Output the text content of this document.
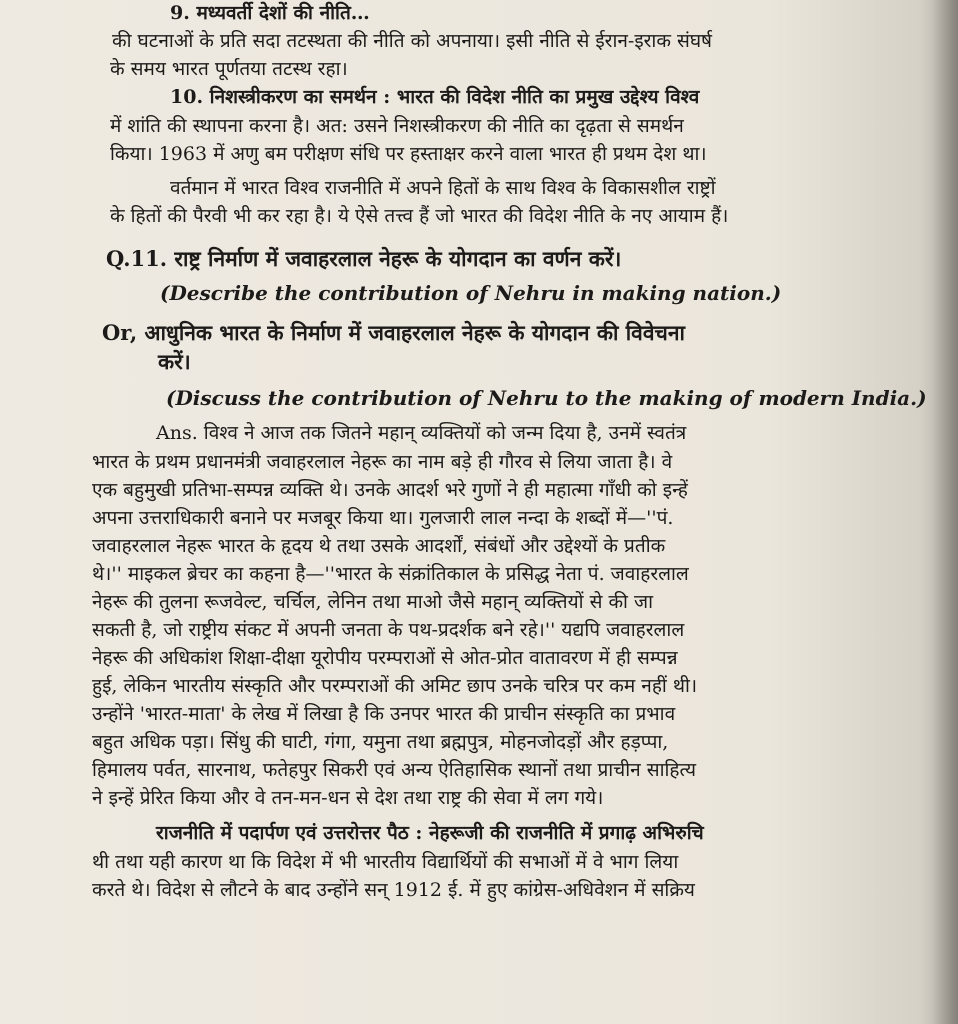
9. मध्यवर्ती देशों की नीति…
की घटनाओं के प्रति सदा तटस्थता की नीति को अपनाया। इसी नीति से ईरान-इराक संघर्ष
के समय भारत पूर्णतया तटस्थ रहा।
10. निशस्त्रीकरण का समर्थन : भारत की विदेश नीति का प्रमुख उद्देश्य विश्व
में शांति की स्थापना करना है। अत: उसने निशस्त्रीकरण की नीति का दृढ़ता से समर्थन
किया। 1963 में अणु बम परीक्षण संधि पर हस्ताक्षर करने वाला भारत ही प्रथम देश था।
वर्तमान में भारत विश्व राजनीति में अपने हितों के साथ विश्व के विकासशील राष्ट्रों
के हितों की पैरवी भी कर रहा है। ये ऐसे तत्त्व हैं जो भारत की विदेश नीति के नए आयाम हैं।
Q.11. राष्ट्र निर्माण में जवाहरलाल नेहरू के योगदान का वर्णन करें।
(Describe the contribution of Nehru in making nation.)
Or, आधुनिक भारत के निर्माण में जवाहरलाल नेहरू के योगदान की विवेचना
करें।
(Discuss the contribution of Nehru to the making of modern India.)
Ans. विश्व ने आज तक जितने महान् व्यक्तियों को जन्म दिया है, उनमें स्वतंत्र
भारत के प्रथम प्रधानमंत्री जवाहरलाल नेहरू का नाम बड़े ही गौरव से लिया जाता है। वे
एक बहुमुखी प्रतिभा-सम्पन्न व्यक्ति थे। उनके आदर्श भरे गुणों ने ही महात्मा गाँधी को इन्हें
अपना उत्तराधिकारी बनाने पर मजबूर किया था। गुलजारी लाल नन्दा के शब्दों में—''पं.
जवाहरलाल नेहरू भारत के हृदय थे तथा उसके आदर्शों, संबंधों और उद्देश्यों के प्रतीक
थे।'' माइकल ब्रेचर का कहना है—''भारत के संक्रांतिकाल के प्रसिद्ध नेता पं. जवाहरलाल
नेहरू की तुलना रूजवेल्ट, चर्चिल, लेनिन तथा माओ जैसे महान् व्यक्तियों से की जा
सकती है, जो राष्ट्रीय संकट में अपनी जनता के पथ-प्रदर्शक बने रहे।'' यद्यपि जवाहरलाल
नेहरू की अधिकांश शिक्षा-दीक्षा यूरोपीय परम्पराओं से ओत-प्रोत वातावरण में ही सम्पन्न
हुई, लेकिन भारतीय संस्कृति और परम्पराओं की अमिट छाप उनके चरित्र पर कम नहीं थी।
उन्होंने 'भारत-माता' के लेख में लिखा है कि उनपर भारत की प्राचीन संस्कृति का प्रभाव
बहुत अधिक पड़ा। सिंधु की घाटी, गंगा, यमुना तथा ब्रह्मपुत्र, मोहनजोदड़ों और हड़प्पा,
हिमालय पर्वत, सारनाथ, फतेहपुर सिकरी एवं अन्य ऐतिहासिक स्थानों तथा प्राचीन साहित्य
ने इन्हें प्रेरित किया और वे तन-मन-धन से देश तथा राष्ट्र की सेवा में लग गये।
राजनीति में पदार्पण एवं उत्तरोत्तर पैठ : नेहरूजी की राजनीति में प्रगाढ़ अभिरुचि
थी तथा यही कारण था कि विदेश में भी भारतीय विद्यार्थियों की सभाओं में वे भाग लिया
करते थे। विदेश से लौटने के बाद उन्होंने सन् 1912 ई. में हुए कांग्रेस-अधिवेशन में सक्रिय
